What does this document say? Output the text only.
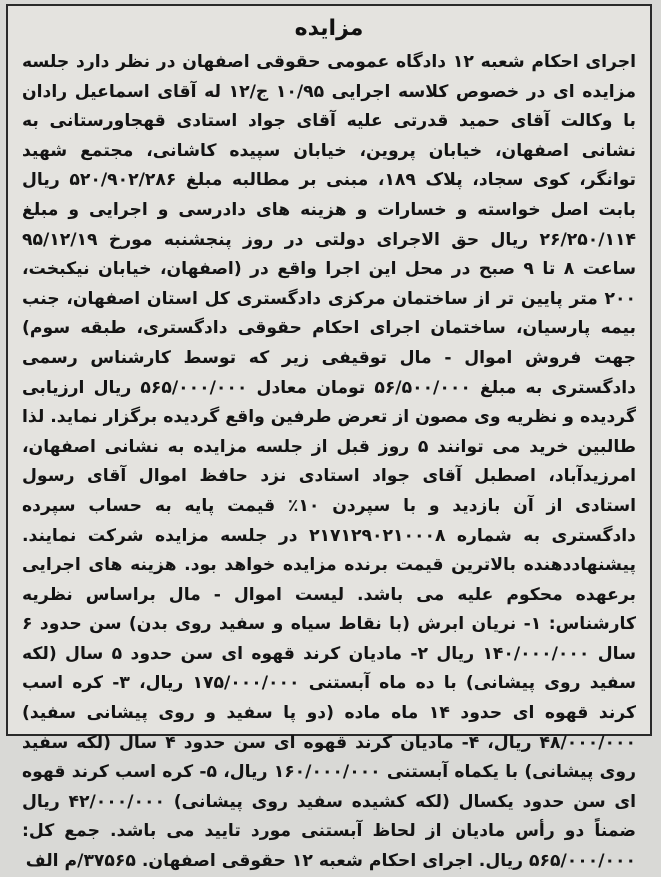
مزایده

اجرای احکام شعبه ۱۲ دادگاه عمومی حقوقی اصفهان در نظر دارد جلسه مزایده ای در خصوص کلاسه اجرایی ۱۰/۹۵ ج/۱۲ له آقای اسماعیل رادان با وکالت آقای حمید قدرتی علیه آقای جواد استادی قهجاورستانی به نشانی اصفهان، خیابان پروین، خیابان سپیده کاشانی، مجتمع شهید توانگر، کوی سجاد، پلاک ۱۸۹، مبنی بر مطالبه مبلغ ۵۲۰/۹۰۲/۲۸۶ ریال بابت اصل خواسته و خسارات و هزینه های دادرسی و اجرایی و مبلغ ۲۶/۲۵۰/۱۱۴ ریال حق الاجرای دولتی در روز پنجشنبه مورخ ۹۵/۱۲/۱۹ ساعت ۸ تا ۹ صبح در محل این اجرا واقع در (اصفهان، خیابان نیکبخت، ۲۰۰ متر پایین تر از ساختمان مرکزی دادگستری کل استان اصفهان، جنب بیمه پارسیان، ساختمان اجرای احکام حقوقی دادگستری، طبقه سوم) جهت فروش اموال - مال توقیفی زیر که توسط کارشناس رسمی دادگستری به مبلغ ۵۶/۵۰۰/۰۰۰ تومان معادل ۵۶۵/۰۰۰/۰۰۰ ریال ارزیابی گردیده و نظریه وی مصون از تعرض طرفین واقع گردیده برگزار نماید. لذا طالبین خرید می توانند ۵ روز قبل از جلسه مزایده به نشانی اصفهان، امرزیدآباد، اصطبل آقای جواد استادی نزد حافظ اموال آقای رسول استادی از آن بازدید و با سپردن ۱۰٪ قیمت پایه به حساب سپرده دادگستری به شماره ۲۱۷۱۲۹۰۲۱۰۰۰۸ در جلسه مزایده شرکت نمایند. پیشنهاددهنده بالاترین قیمت برنده مزایده خواهد بود. هزینه های اجرایی برعهده محکوم علیه می باشد. لیست اموال - مال براساس نظریه کارشناس: ۱- نریان ابرش (با نقاط سیاه و سفید روی بدن) سن حدود ۶ سال ۱۴۰/۰۰۰/۰۰۰ ریال ۲- مادیان کرند قهوه ای سن حدود ۵ سال (لکه سفید روی پیشانی) با ده ماه آبستنی ۱۷۵/۰۰۰/۰۰۰ ریال، ۳- کره اسب کرند قهوه ای حدود ۱۴ ماه ماده (دو پا سفید و روی پیشانی سفید) ۴۸/۰۰۰/۰۰۰ ریال، ۴- مادیان کرند قهوه ای سن حدود ۴ سال (لکه سفید روی پیشانی) با یکماه آبستنی ۱۶۰/۰۰۰/۰۰۰ ریال، ۵- کره اسب کرند قهوه ای سن حدود یکسال (لکه کشیده سفید روی پیشانی) ۴۲/۰۰۰/۰۰۰ ریال ضمناً دو رأس مادیان از لحاظ آبستنی مورد تایید می باشد. جمع کل: ۵۶۵/۰۰۰/۰۰۰ ریال. اجرای احکام شعبه ۱۲ حقوقی اصفهان. ۳۷۵۶۵/م الف
